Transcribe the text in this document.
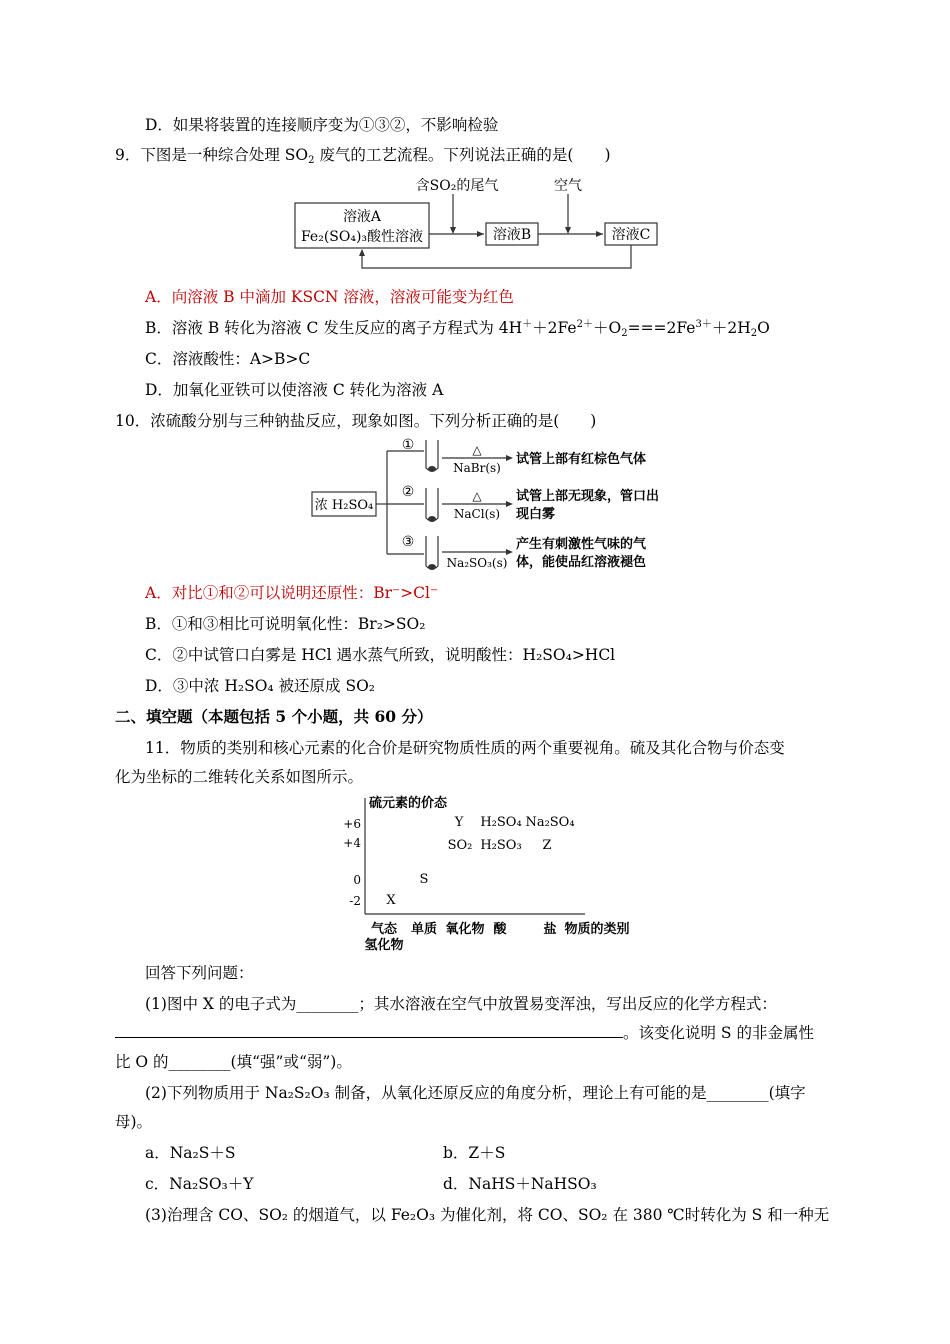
D．如果将装置的连接顺序变为①③②，不影响检验
9．下图是一种综合处理 $SO_2$ 废气的工艺流程。下列说法正确的是(　　)
溶液A
Fe₂(SO₄)₃酸性溶液	溶液B	溶液C
含SO₂的尾气	空气
A．向溶液 B 中滴加 KSCN 溶液，溶液可能变为红色
B．溶液 B 转化为溶液 C 发生反应的离子方程式为 $4H^++2Fe^{2+}+O_2===2Fe^{3+}+2H_2O$
C．溶液酸性：A>B>C
D．加氧化亚铁可以使溶液 C 转化为溶液 A
10．浓硫酸分别与三种钠盐反应，现象如图。下列分析正确的是(　　)
浓 H₂SO₄
①
②
③
△
△
NaBr(s)
NaCl(s)
Na₂SO₃(s)
试管上部有红棕色气体
试管上部无现象，管口出
现白雾
产生有刺激性气味的气
体，能使品红溶液褪色
A．对比①和②可以说明还原性：Br⁻>Cl⁻
B．①和③相比可说明氧化性：Br₂>SO₂
C．②中试管口白雾是 HCl 遇水蒸气所致，说明酸性：H₂SO₄>HCl
D．③中浓 H₂SO₄ 被还原成 SO₂
二、填空题（本题包括 5 个小题，共 60 分）
11．物质的类别和核心元素的化合价是研究物质性质的两个重要视角。硫及其化合物与价态变
化为坐标的二维转化关系如图所示。
硫元素的价态
+6
+4
0
-2
Y H₂SO₄ Na₂SO₄
SO₂ H₂SO₃ Z
S
X
气态
氢化物
单质 氧化物 酸	盐 物质的类别
回答下列问题：
(1)图中 X 的电子式为________；其水溶液在空气中放置易变浑浊，写出反应的化学方程式：
。该变化说明 S 的非金属性
比 O 的________(填“强”或“弱”)。
(2)下列物质用于 Na₂S₂O₃ 制备，从氧化还原反应的角度分析，理论上有可能的是________(填字
母)。
a．Na₂S＋S	b．Z＋S
c．Na₂SO₃＋Y	d．NaHS＋NaHSO₃
(3)治理含 CO、SO₂ 的烟道气，以 Fe₂O₃ 为催化剂，将 CO、SO₂ 在 380 ℃时转化为 S 和一种无
